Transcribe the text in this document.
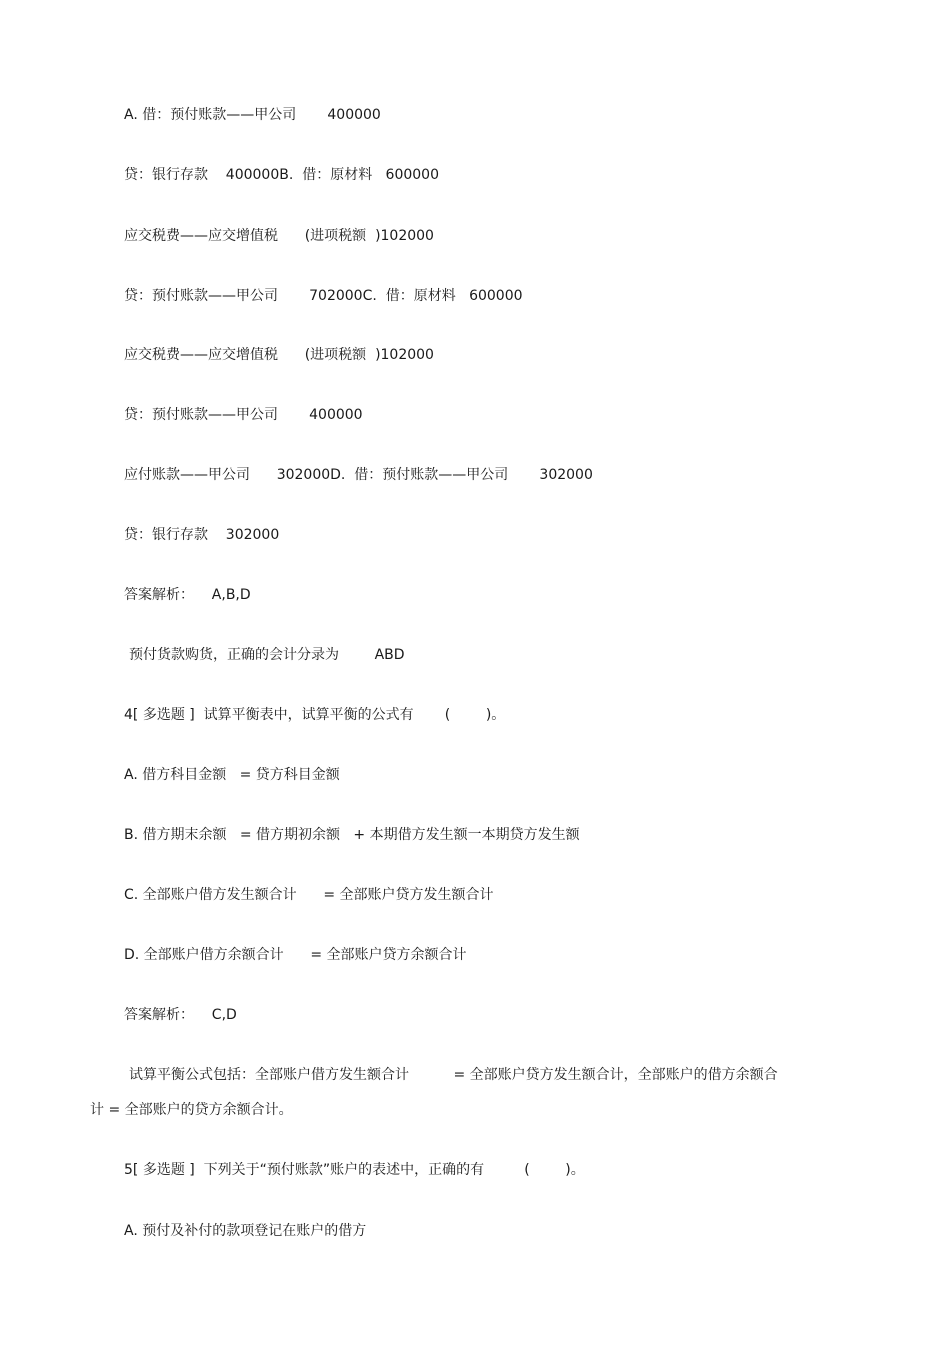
A. 借：预付账款——甲公司       400000
贷：银行存款    400000B.  借：原材料   600000
应交税费——应交增值税      (进项税额  )102000
贷：预付账款——甲公司       702000C.  借：原材料   600000
应交税费——应交增值税      (进项税额  )102000
贷：预付账款——甲公司       400000
应付账款——甲公司      302000D.  借：预付账款——甲公司       302000
贷：银行存款    302000
答案解析：    A,B,D
预付货款购货，正确的会计分录为        ABD
4[ 多选题 ]  试算平衡表中，试算平衡的公式有       (        )。
A. 借方科目金额   = 贷方科目金额
B. 借方期末余额   = 借方期初余额   + 本期借方发生额一本期贷方发生额
C. 全部账户借方发生额合计      = 全部账户贷方发生额合计
D. 全部账户借方余额合计      = 全部账户贷方余额合计
答案解析：    C,D
试算平衡公式包括：全部账户借方发生额合计          = 全部账户贷方发生额合计，全部账户的借方余额合
计 = 全部账户的贷方余额合计。
5[ 多选题 ]  下列关于“预付账款”账户的表述中，正确的有         (        )。
A. 预付及补付的款项登记在账户的借方
